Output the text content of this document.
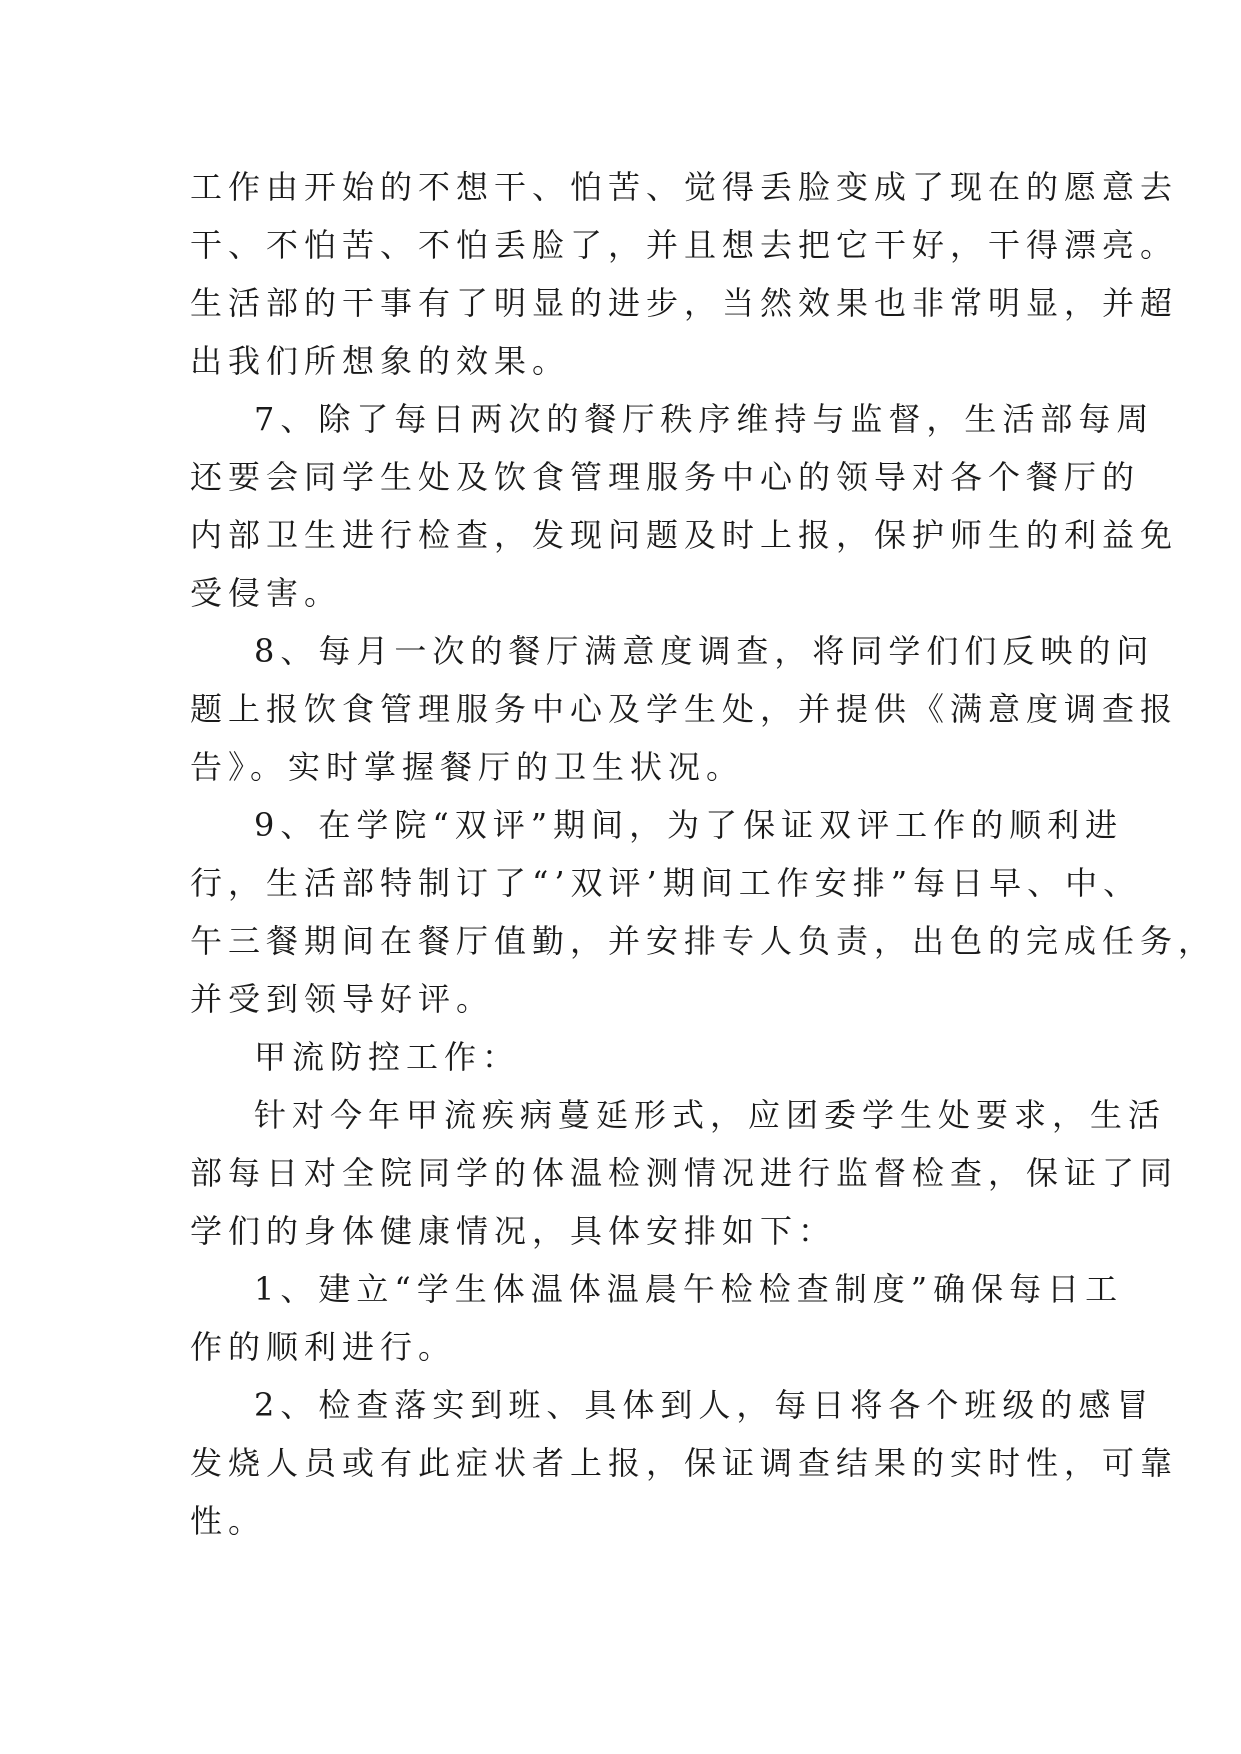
工作由开始的不想干、怕苦、觉得丢脸变成了现在的愿意去
干、不怕苦、不怕丢脸了，并且想去把它干好，干得漂亮。
生活部的干事有了明显的进步，当然效果也非常明显，并超
出我们所想象的效果。
7、除了每日两次的餐厅秩序维持与监督，生活部每周
还要会同学生处及饮食管理服务中心的领导对各个餐厅的
内部卫生进行检查，发现问题及时上报，保护师生的利益免
受侵害。
8、每月一次的餐厅满意度调查，将同学们们反映的问
题上报饮食管理服务中心及学生处，并提供《满意度调查报
告》。实时掌握餐厅的卫生状况。
9、在学院“双评”期间，为了保证双评工作的顺利进
行，生活部特制订了“’双评’期间工作安排”每日早、中、
午三餐期间在餐厅值勤，并安排专人负责，出色的完成任务，
并受到领导好评。
甲流防控工作：
针对今年甲流疾病蔓延形式，应团委学生处要求，生活
部每日对全院同学的体温检测情况进行监督检查，保证了同
学们的身体健康情况，具体安排如下：
1、建立“学生体温体温晨午检检查制度”确保每日工
作的顺利进行。
2、检查落实到班、具体到人，每日将各个班级的感冒
发烧人员或有此症状者上报，保证调查结果的实时性，可靠
性。
